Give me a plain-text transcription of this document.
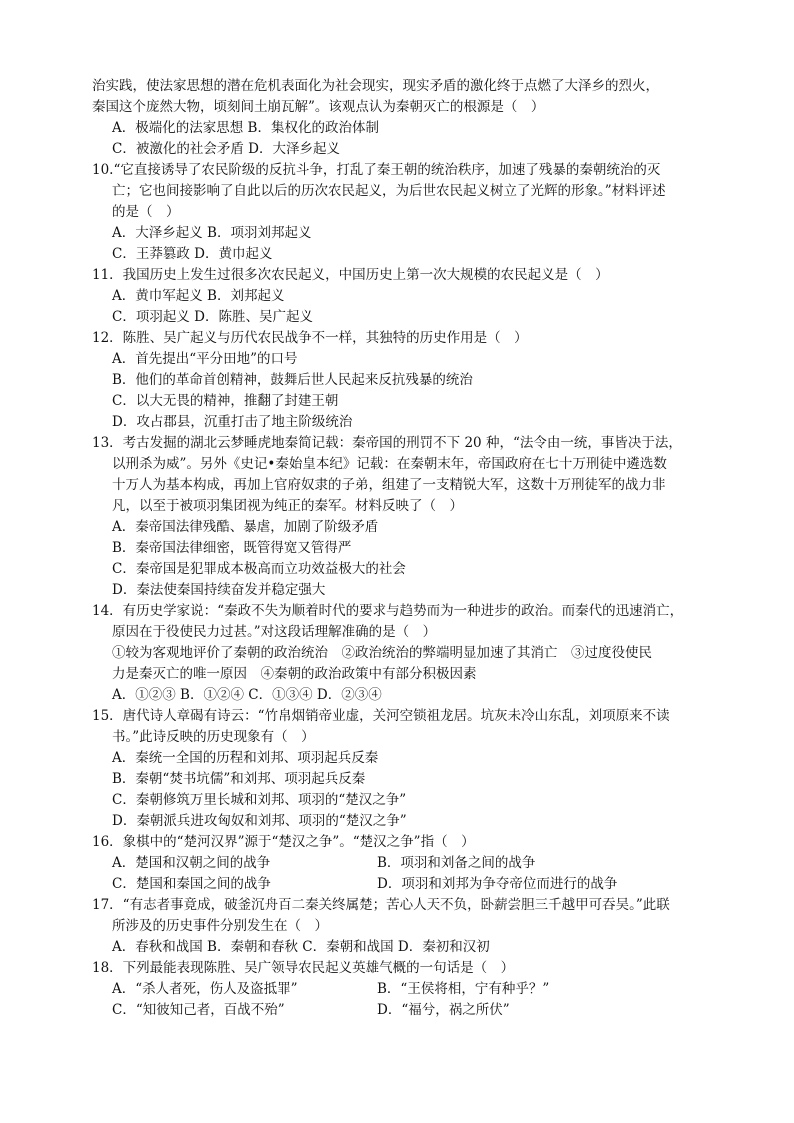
治实践，使法家思想的潜在危机表面化为社会现实，现实矛盾的激化终于点燃了大泽乡的烈火，
秦国这个庞然大物，顷刻间土崩瓦解”。该观点认为秦朝灭亡的根源是（　）
A．极端化的法家思想 B．集权化的政治体制
C．被激化的社会矛盾 D．大泽乡起义
10.“它直接诱导了农民阶级的反抗斗争，打乱了秦王朝的统治秩序，加速了残暴的秦朝统治的灭
亡；它也间接影响了自此以后的历次农民起义，为后世农民起义树立了光辉的形象。”材料评述
的是（　）
A．大泽乡起义 B．项羽刘邦起义
C．王莽篡政 D．黄巾起义
11．我国历史上发生过很多次农民起义，中国历史上第一次大规模的农民起义是（　）
A．黄巾军起义 B．刘邦起义
C．项羽起义 D．陈胜、吴广起义
12．陈胜、吴广起义与历代农民战争不一样，其独特的历史作用是（　）
A．首先提出“平分田地”的口号
B．他们的革命首创精神，鼓舞后世人民起来反抗残暴的统治
C．以大无畏的精神，推翻了封建王朝
D．攻占郡县，沉重打击了地主阶级统治
13．考古发掘的湖北云梦睡虎地秦简记载：秦帝国的刑罚不下 20 种，“法令由一统，事皆决于法，
以刑杀为威”。另外《史记•秦始皇本纪》记载：在秦朝末年，帝国政府在七十万刑徒中遴选数
十万人为基本构成，再加上官府奴隶的子弟，组建了一支精锐大军，这数十万刑徒军的战力非
凡，以至于被项羽集团视为纯正的秦军。材料反映了（　）
A．秦帝国法律残酷、暴虐，加剧了阶级矛盾
B．秦帝国法律细密，既管得宽又管得严
C．秦帝国是犯罪成本极高而立功效益极大的社会
D．秦法使秦国持续奋发并稳定强大
14．有历史学家说：“秦政不失为顺着时代的要求与趋势而为一种进步的政治。而秦代的迅速消亡，
原因在于役使民力过甚。”对这段话理解准确的是（　）
①较为客观地评价了秦朝的政治统治　②政治统治的弊端明显加速了其消亡　③过度役使民
力是秦灭亡的唯一原因　④秦朝的政治政策中有部分积极因素
A．①②③ B．①②④ C．①③④ D．②③④
15．唐代诗人章碣有诗云：“竹帛烟销帝业虚，关河空锁祖龙居。坑灰未冷山东乱，刘项原来不读
书。”此诗反映的历史现象有（　）
A．秦统一全国的历程和刘邦、项羽起兵反秦
B．秦朝“焚书坑儒”和刘邦、项羽起兵反秦
C．秦朝修筑万里长城和刘邦、项羽的“楚汉之争”
D．秦朝派兵进攻匈奴和刘邦、项羽的“楚汉之争”
16．象棋中的“楚河汉界”源于“楚汉之争”。“楚汉之争”指（　）
A．楚国和汉朝之间的战争	B．项羽和刘备之间的战争
C．楚国和秦国之间的战争	D．项羽和刘邦为争夺帝位而进行的战争
17．“有志者事竟成，破釜沉舟百二秦关终属楚；苦心人天不负，卧薪尝胆三千越甲可吞吴。”此联
所涉及的历史事件分别发生在（　）
A．春秋和战国 B．秦朝和春秋 C．秦朝和战国 D．秦初和汉初
18．下列最能表现陈胜、吴广领导农民起义英雄气概的一句话是（　）
A．“杀人者死，伤人及盗抵罪”	B．“王侯将相，宁有种乎？”
C．“知彼知己者，百战不殆”	D．“福兮，祸之所伏”
